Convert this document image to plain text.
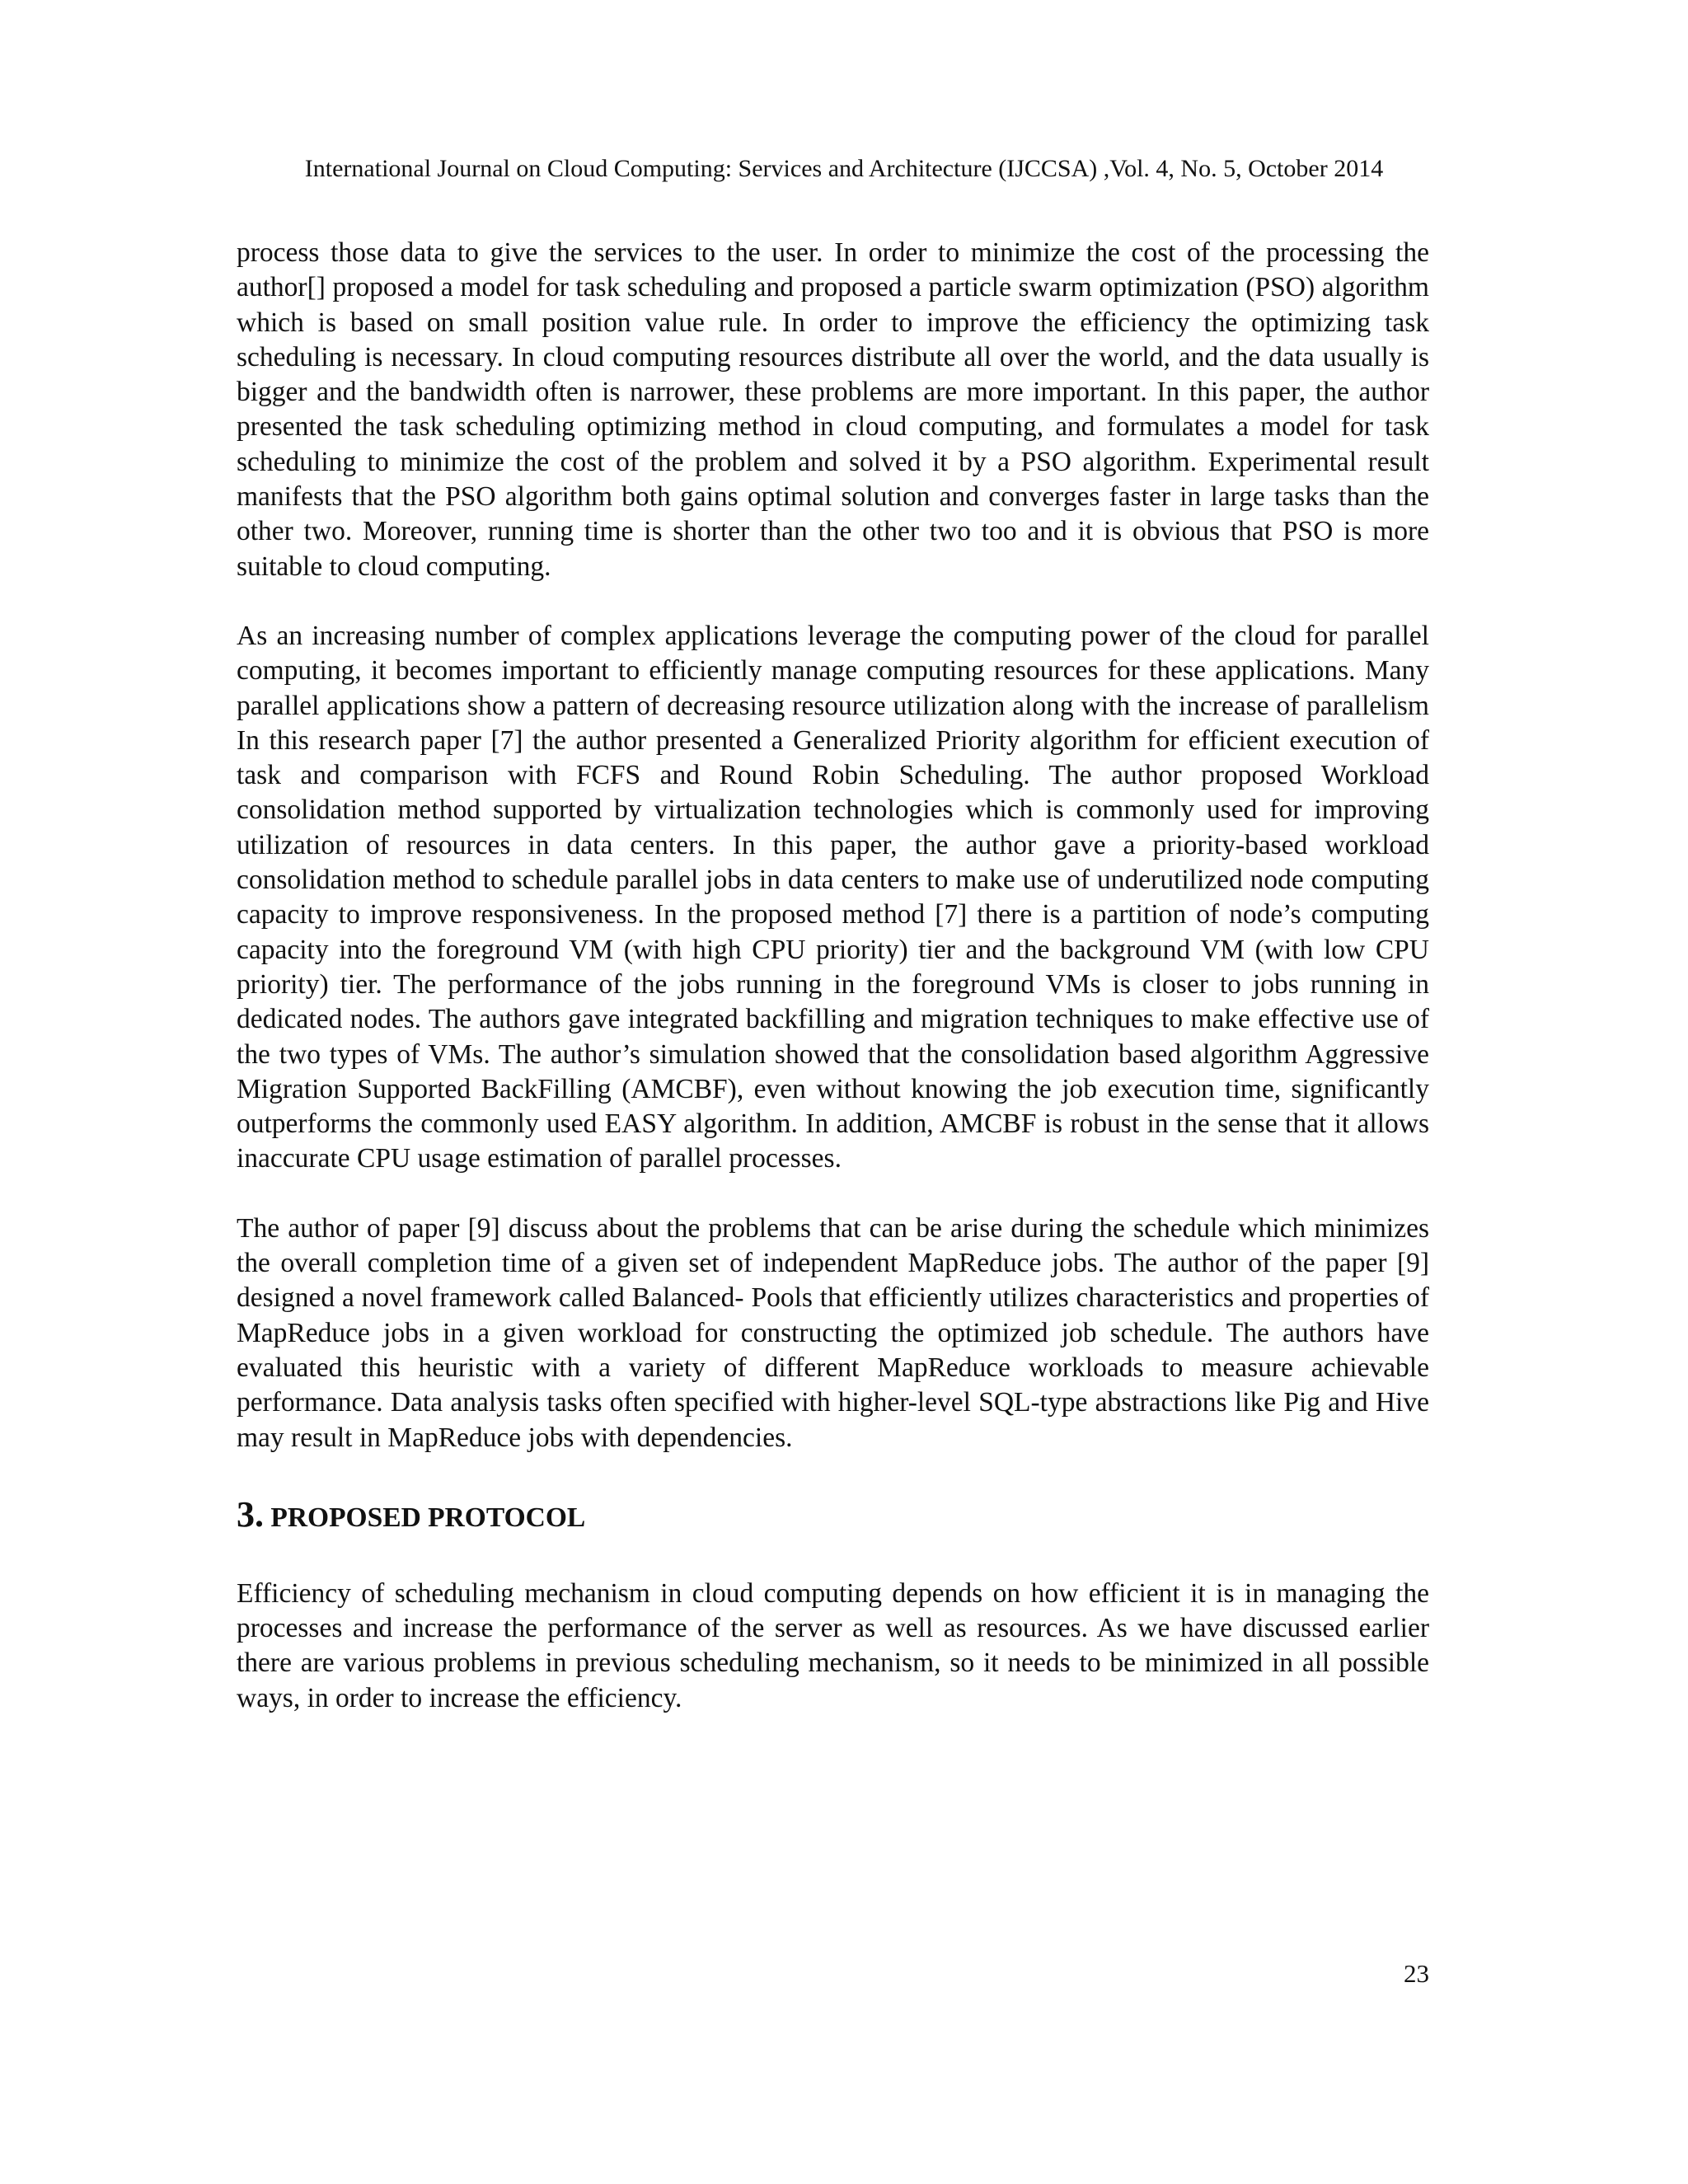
International Journal on Cloud Computing: Services and Architecture (IJCCSA) ,Vol. 4, No. 5, October 2014

process those data to give the services to the user. In order to minimize the cost of the processing the author[] proposed a model for task scheduling and proposed a particle swarm optimization (PSO) algorithm which is based on small position value rule. In order to improve the efficiency the optimizing task scheduling is necessary. In cloud computing resources distribute all over the world, and the data usually is bigger and the bandwidth often is narrower, these problems are more important. In this paper, the author presented the task scheduling optimizing method in cloud computing, and formulates a model for task scheduling to minimize the cost of the problem and solved it by a PSO algorithm. Experimental result manifests that the PSO algorithm both gains optimal solution and converges faster in large tasks than the other two. Moreover, running time is shorter than the other two too and it is obvious that PSO is more suitable to cloud computing.

As an increasing number of complex applications leverage the computing power of the cloud for parallel computing, it becomes important to efficiently manage computing resources for these applications. Many parallel applications show a pattern of decreasing resource utilization along with the increase of parallelism In this research paper [7] the author presented a Generalized Priority algorithm for efficient execution of task and comparison with FCFS and Round Robin Scheduling. The author proposed Workload consolidation method supported by virtualization technologies which is commonly used for improving utilization of resources in data centers. In this paper, the author gave a priority-based workload consolidation method to schedule parallel jobs in data centers to make use of underutilized node computing capacity to improve responsiveness. In the proposed method [7] there is a partition of node’s computing capacity into the foreground VM (with high CPU priority) tier and the background VM (with low CPU priority) tier. The performance of the jobs running in the foreground VMs is closer to jobs running in dedicated nodes. The authors gave integrated backfilling and migration techniques to make effective use of the two types of VMs. The author’s simulation showed that the consolidation based algorithm Aggressive Migration Supported BackFilling (AMCBF), even without knowing the job execution time, significantly outperforms the commonly used EASY algorithm. In addition, AMCBF is robust in the sense that it allows inaccurate CPU usage estimation of parallel processes.

The author of paper [9] discuss about the problems that can be arise during the schedule which minimizes the overall completion time of a given set of independent MapReduce jobs. The author of the paper [9] designed a novel framework called Balanced- Pools that efficiently utilizes characteristics and properties of MapReduce jobs in a given workload for constructing the optimized job schedule. The authors have evaluated this heuristic with a variety of different MapReduce workloads to measure achievable performance. Data analysis tasks often specified with higher-level SQL-type abstractions like Pig and Hive may result in MapReduce jobs with dependencies.

3. PROPOSED PROTOCOL

Efficiency of scheduling mechanism in cloud computing depends on how efficient it is in managing the processes and increase the performance of the server as well as resources. As we have discussed earlier there are various problems in previous scheduling mechanism, so it needs to be minimized in all possible ways, in order to increase the efficiency.

23
